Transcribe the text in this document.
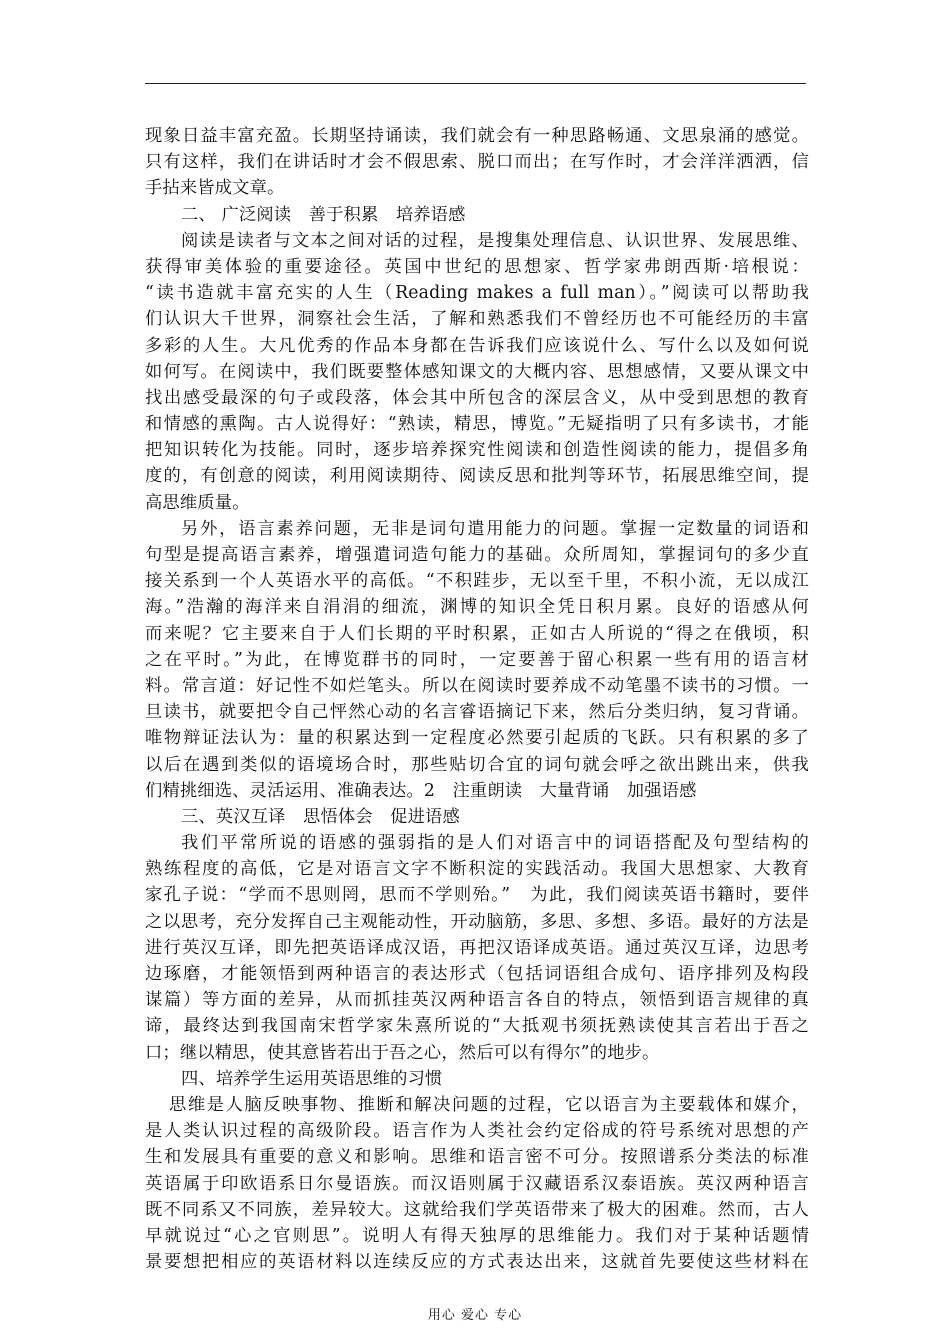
现象日益丰富充盈。长期坚持诵读，我们就会有一种思路畅通、文思泉涌的感觉。
只有这样，我们在讲话时才会不假思索、脱口而出；在写作时，才会洋洋洒洒，信
手拈来皆成文章。
二、 广泛阅读　善于积累　培养语感
阅读是读者与文本之间对话的过程，是搜集处理信息、认识世界、发展思维、
获得审美体验的重要途径。英国中世纪的思想家、哲学家弗朗西斯·培根说：
“读书造就丰富充实的人生（Reading makes a full man）。”阅读可以帮助我
们认识大千世界，洞察社会生活，了解和熟悉我们不曾经历也不可能经历的丰富
多彩的人生。大凡优秀的作品本身都在告诉我们应该说什么、写什么以及如何说
如何写。在阅读中，我们既要整体感知课文的大概内容、思想感情，又要从课文中
找出感受最深的句子或段落，体会其中所包含的深层含义，从中受到思想的教育
和情感的熏陶。古人说得好：“熟读，精思，博览。”无疑指明了只有多读书，才能
把知识转化为技能。同时，逐步培养探究性阅读和创造性阅读的能力，提倡多角
度的，有创意的阅读，利用阅读期待、阅读反思和批判等环节，拓展思维空间，提
高思维质量。
另外，语言素养问题，无非是词句遣用能力的问题。掌握一定数量的词语和
句型是提高语言素养，增强遣词造句能力的基础。众所周知，掌握词句的多少直
接关系到一个人英语水平的高低。“不积跬步，无以至千里，不积小流，无以成江
海。”浩瀚的海洋来自涓涓的细流，渊博的知识全凭日积月累。良好的语感从何
而来呢？它主要来自于人们长期的平时积累，正如古人所说的“得之在俄顷，积
之在平时。”为此，在博览群书的同时，一定要善于留心积累一些有用的语言材
料。常言道：好记性不如烂笔头。所以在阅读时要养成不动笔墨不读书的习惯。一
旦读书，就要把令自己怦然心动的名言睿语摘记下来，然后分类归纳，复习背诵。
唯物辩证法认为：量的积累达到一定程度必然要引起质的飞跃。只有积累的多了
以后在遇到类似的语境场合时，那些贴切合宜的词句就会呼之欲出跳出来，供我
们精挑细选、灵活运用、准确表达。2　注重朗读　大量背诵　加强语感
三、英汉互译　思悟体会　促进语感
我们平常所说的语感的强弱指的是人们对语言中的词语搭配及句型结构的
熟练程度的高低，它是对语言文字不断积淀的实践活动。我国大思想家、大教育
家孔子说：“学而不思则罔，思而不学则殆。”　为此，我们阅读英语书籍时，要伴
之以思考，充分发挥自己主观能动性，开动脑筋，多思、多想、多语。最好的方法是
进行英汉互译，即先把英语译成汉语，再把汉语译成英语。通过英汉互译，边思考
边琢磨，才能领悟到两种语言的表达形式（包括词语组合成句、语序排列及构段
谋篇）等方面的差异，从而抓挂英汉两种语言各自的特点，领悟到语言规律的真
谛，最终达到我国南宋哲学家朱熹所说的“大抵观书须抚熟读使其言若出于吾之
口；继以精思，使其意皆若出于吾之心，然后可以有得尔”的地步。
四、培养学生运用英语思维的习惯
思维是人脑反映事物、推断和解决问题的过程，它以语言为主要载体和媒介，
是人类认识过程的高级阶段。语言作为人类社会约定俗成的符号系统对思想的产
生和发展具有重要的意义和影响。思维和语言密不可分。按照谱系分类法的标准
英语属于印欧语系日尔曼语族。而汉语则属于汉藏语系汉泰语族。英汉两种语言
既不同系又不同族，差异较大。这就给我们学英语带来了极大的困难。然而，古人
早就说过“心之官则思”。说明人有得天独厚的思维能力。我们对于某种话题情
景要想把相应的英语材料以连续反应的方式表达出来，这就首先要使这些材料在
用心 爱心 专心
